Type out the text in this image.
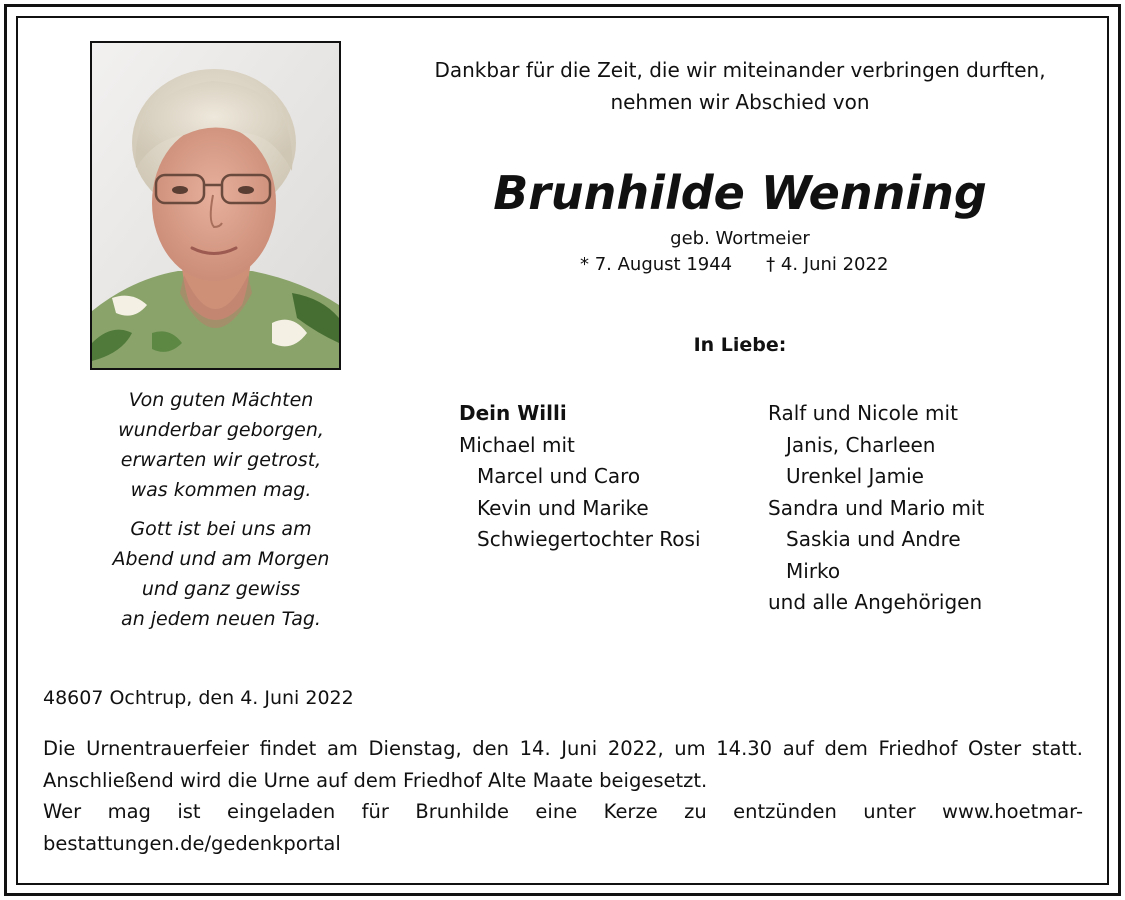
Von guten Mächten
wunderbar geborgen,
erwarten wir getrost,
was kommen mag.
Gott ist bei uns am
Abend und am Morgen
und ganz gewiss
an jedem neuen Tag.
Dankbar für die Zeit, die wir miteinander verbringen durften,
nehmen wir Abschied von
Brunhilde Wenning
geb. Wortmeier
* 7. August 1944 † 4. Juni 2022
In Liebe:
Dein Willi
Michael mit
Marcel und Caro
Kevin und Marike
Schwiegertochter Rosi
Ralf und Nicole mit
Janis, Charleen
Urenkel Jamie
Sandra und Mario mit
Saskia und Andre
Mirko
und alle Angehörigen
48607 Ochtrup, den 4. Juni 2022

Die Urnentrauerfeier findet am Dienstag, den 14. Juni 2022, um 14.30 auf dem Friedhof Oster statt. Anschließend wird die Urne auf dem Friedhof Alte Maate beigesetzt.

Wer mag ist eingeladen für Brunhilde eine Kerze zu entzünden unter www.hoetmar-bestattungen.de/gedenkportal
